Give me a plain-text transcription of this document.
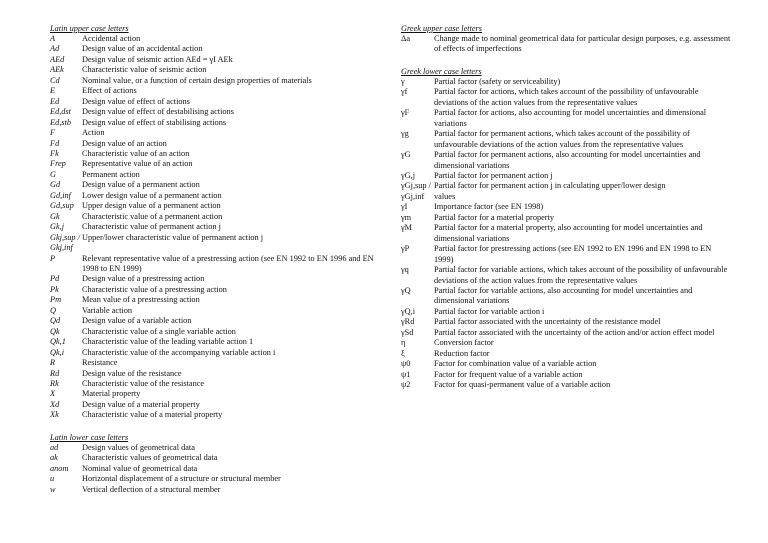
Latin upper case letters

A	Accidental action
Ad	Design value of an accidental action
AEd	Design value of seismic action AEd = γI AEk
AEk	Characteristic value of seismic action
Cd	Nominal value, or a function of certain design properties of materials
E	Effect of actions
Ed	Design value of effect of actions
Ed,dst	Design value of effect of destabilising actions
Ed,stb	Design value of effect of stabilising actions
F	Action
Fd	Design value of an action
Fk	Characteristic value of an action
Frep	Representative value of an action
G	Permanent action
Gd	Design value of a permanent action
Gd,inf	Lower design value of a permanent action
Gd,sup Upper design value of a permanent action
Gk	Characteristic value of a permanent action
Gk,j	Characteristic value of permanent action j
Gkj,sup / Upper/lower characteristic value of permanent action j
Gkj,inf
P	Relevant representative value of a prestressing action (see EN 1992 to EN 1996 and EN 1998 to EN 1999)
Pd	Design value of a prestressing action
Pk	Characteristic value of a prestressing action
Pm	Mean value of a prestressing action
Q	Variable action
Qd	Design value of a variable action
Qk	Characteristic value of a single variable action
Qk,1	Characteristic value of the leading variable action 1
Qk,i	Characteristic value of the accompanying variable action i
R	Resistance
Rd	Design value of the resistance
Rk	Characteristic value of the resistance
X	Material property
Xd	Design value of a material property
Xk	Characteristic value of a material property

Latin lower case letters

ad	Design values of geometrical data
ak	Characteristic values of geometrical data
anom	Nominal value of geometrical data
u	Horizontal displacement of a structure or structural member
w	Vertical deflection of a structural member

Greek upper case letters

Δa	Change made to nominal geometrical data for particular design purposes, e.g. assessment of effects of imperfections

Greek lower case letters

γ	Partial factor (safety or serviceability)
γf	Partial factor for actions, which takes account of the possibility of unfavourable deviations of the action values from the representative values
γF	Partial factor for actions, also accounting for model uncertainties and dimensional variations
γg	Partial factor for permanent actions, which takes account of the possibility of unfavourable deviations of the action values from the representative values
γG	Partial factor for permanent actions, also accounting for model uncertainties and dimensional variations
γG,j	Partial factor for permanent action j
γGj,sup / Partial factor for permanent action j in calculating upper/lower design
γGj,inf	values
γI	Importance factor (see EN 1998)
γm	Partial factor for a material property
γM	Partial factor for a material property, also accounting for model uncertainties and dimensional variations
γP	Partial factor for prestressing actions (see EN 1992 to EN 1996 and EN 1998 to EN 1999)
γq	Partial factor for variable actions, which takes account of the possibility of unfavourable deviations of the action values from the representative values
γQ	Partial factor for variable actions, also accounting for model uncertainties and dimensional variations
γQ,i	Partial factor for variable action i
γRd	Partial factor associated with the uncertainty of the resistance model
γSd	Partial factor associated with the uncertainty of the action and/or action effect model
η	Conversion factor
ξ	Reduction factor
ψ0	Factor for combination value of a variable action
ψ1	Factor for frequent value of a variable action
ψ2	Factor for quasi-permanent value of a variable action
